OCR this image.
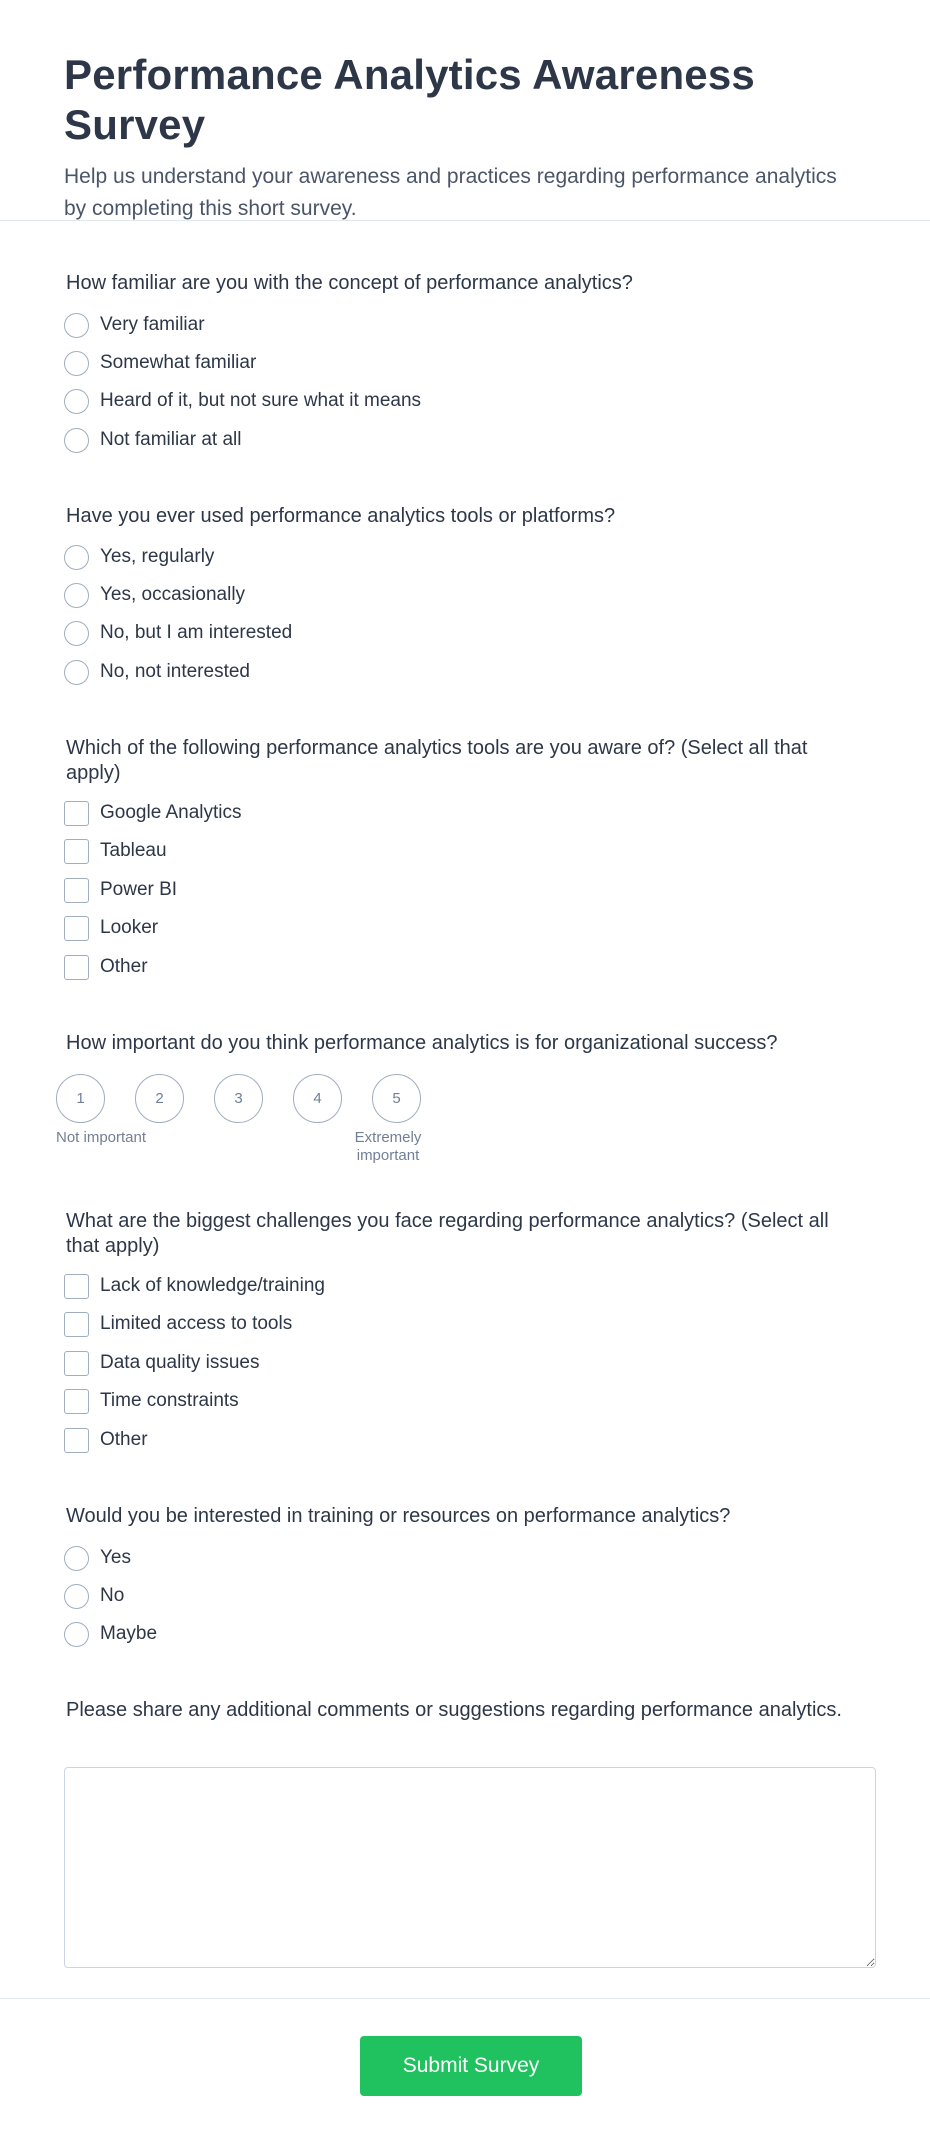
Performance Analytics Awareness Survey

Help us understand your awareness and practices regarding performance analytics by completing this short survey.

How familiar are you with the concept of performance analytics?
Very familiar
Somewhat familiar
Heard of it, but not sure what it means
Not familiar at all
Have you ever used performance analytics tools or platforms?
Yes, regularly
Yes, occasionally
No, but I am interested
No, not interested
Which of the following performance analytics tools are you aware of? (Select all that apply)
Google Analytics
Tableau
Power BI
Looker
Other
How important do you think performance analytics is for organizational success?
1	2	3	4	5
Not important	Extremely important
What are the biggest challenges you face regarding performance analytics? (Select all that apply)
Lack of knowledge/training
Limited access to tools
Data quality issues
Time constraints
Other
Would you be interested in training or resources on performance analytics?
Yes
No
Maybe
Please share any additional comments or suggestions regarding performance analytics.
Submit Survey
